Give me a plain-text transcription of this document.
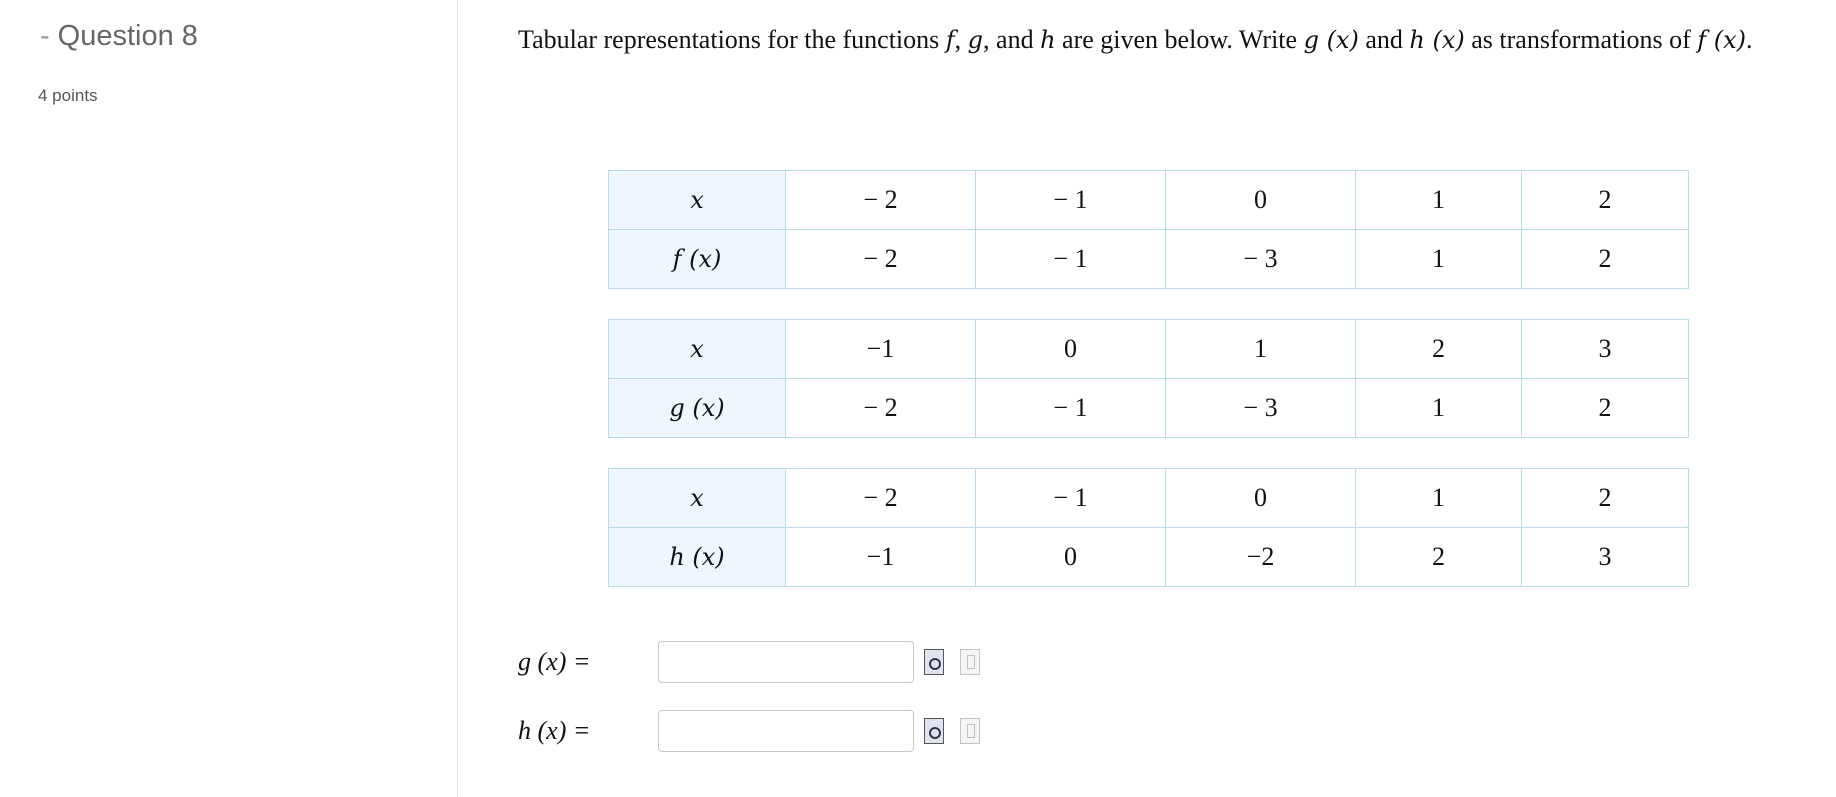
- Question 8
4 points
Tabular representations for the functions f, g, and h are given below. Write g (x) and h (x) as transformations of f (x).
x	− 2	− 1	0	1	2
f (x)	− 2	− 1	− 3	1	2
x	−1	0	1	2	3
g (x)	− 2	− 1	− 3	1	2
x	− 2	− 1	0	1	2
h (x)	−1	0	−2	2	3
g (x) =
h (x) =
